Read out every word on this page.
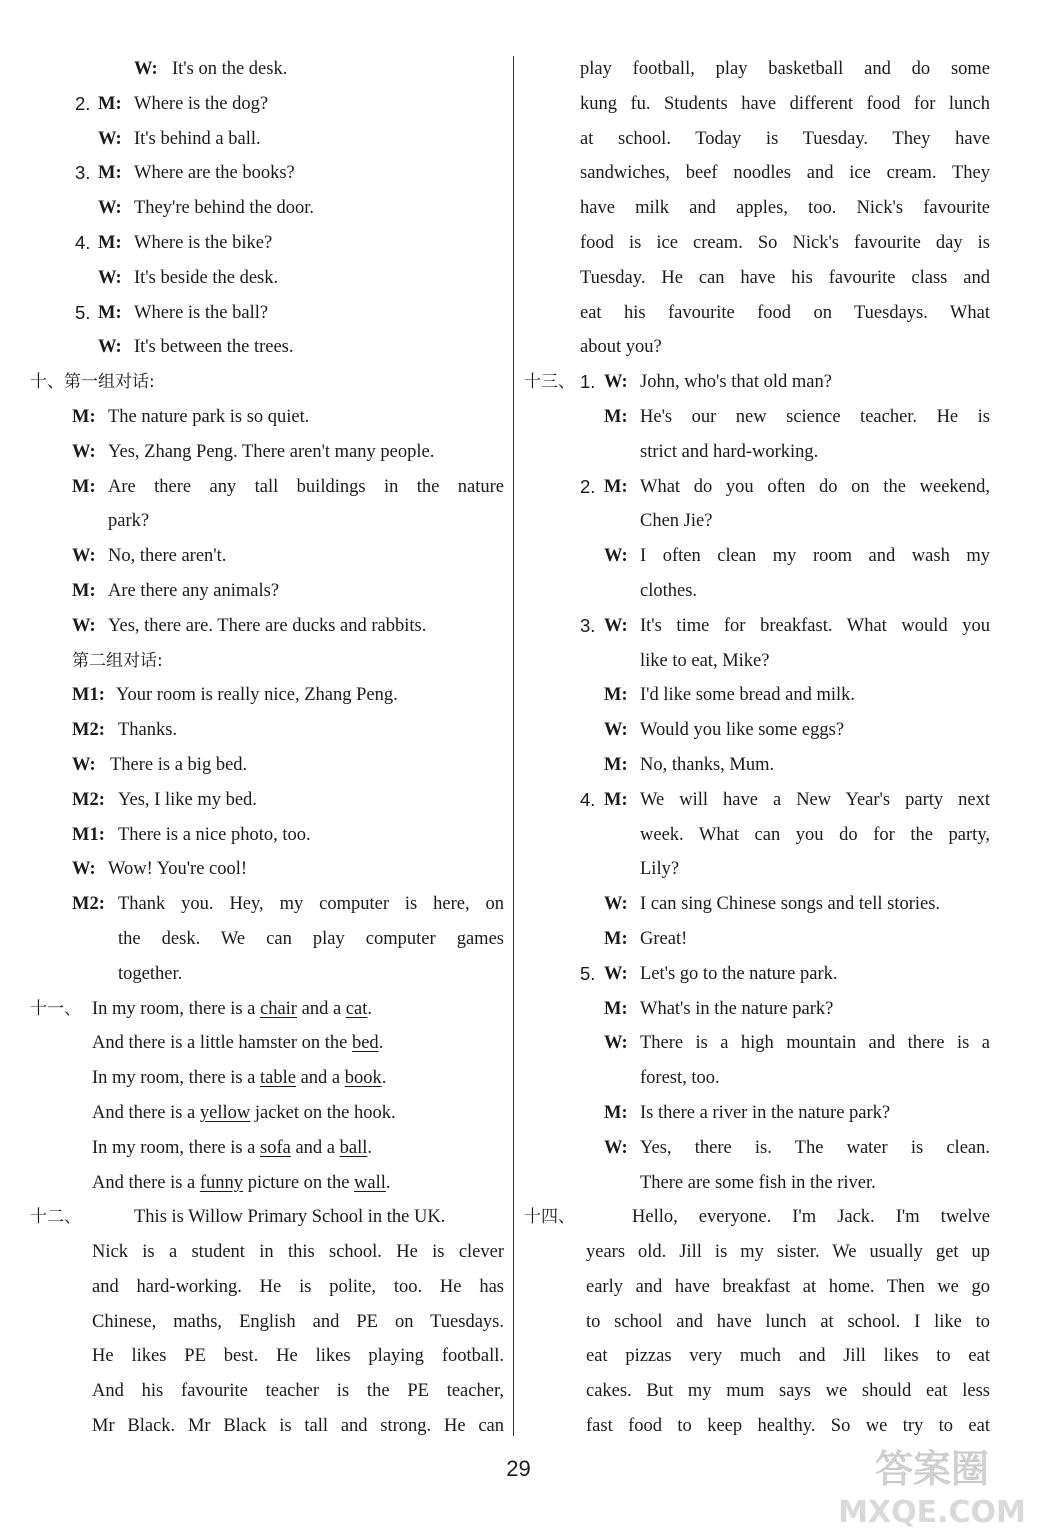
W: It's on the desk.
2. M: Where is the dog?
W: It's behind a ball.
3. M: Where are the books?
W: They're behind the door.
4. M: Where is the bike?
W: It's beside the desk.
5. M: Where is the ball?
W: It's between the trees.
十、第一组对话:
M: The nature park is so quiet.
W: Yes, Zhang Peng. There aren't many people.
M: Are there any tall buildings in the nature
park?
W: No, there aren't.
M: Are there any animals?
W: Yes, there are. There are ducks and rabbits.
第二组对话:
M1: Your room is really nice, Zhang Peng.
M2: Thanks.
W: There is a big bed.
M2: Yes, I like my bed.
M1: There is a nice photo, too.
W: Wow! You're cool!
M2: Thank you. Hey, my computer is here, on
the desk. We can play computer games
together.
十一、 In my room, there is a chair and a cat.
And there is a little hamster on the bed.
In my room, there is a table and a book.
And there is a yellow jacket on the hook.
In my room, there is a sofa and a ball.
And there is a funny picture on the wall.
十二、	This is Willow Primary School in the UK.
Nick is a student in this school. He is clever
and hard-working. He is polite, too. He has
Chinese, maths, English and PE on Tuesdays.
He likes PE best. He likes playing football.
And his favourite teacher is the PE teacher,
Mr Black. Mr Black is tall and strong. He can
play football, play basketball and do some
kung fu. Students have different food for lunch
at school. Today is Tuesday. They have
sandwiches, beef noodles and ice cream. They
have milk and apples, too. Nick's favourite
food is ice cream. So Nick's favourite day is
Tuesday. He can have his favourite class and
eat his favourite food on Tuesdays. What
about you?
十三、 1. W: John, who's that old man?
M: He's our new science teacher. He is
strict and hard-working.
2. M: What do you often do on the weekend,
Chen Jie?
W: I often clean my room and wash my
clothes.
3. W: It's time for breakfast. What would you
like to eat, Mike?
M: I'd like some bread and milk.
W: Would you like some eggs?
M: No, thanks, Mum.
4. M: We will have a New Year's party next
week. What can you do for the party,
Lily?
W: I can sing Chinese songs and tell stories.
M: Great!
5. W: Let's go to the nature park.
M: What's in the nature park?
W: There is a high mountain and there is a
forest, too.
M: Is there a river in the nature park?
W: Yes, there is. The water is clean.
There are some fish in the river.
十四、	Hello, everyone. I'm Jack. I'm twelve
years old. Jill is my sister. We usually get up
early and have breakfast at home. Then we go
to school and have lunch at school. I like to
eat pizzas very much and Jill likes to eat
cakes. But my mum says we should eat less
fast food to keep healthy. So we try to eat
29	答案圈
MXQE.COM
